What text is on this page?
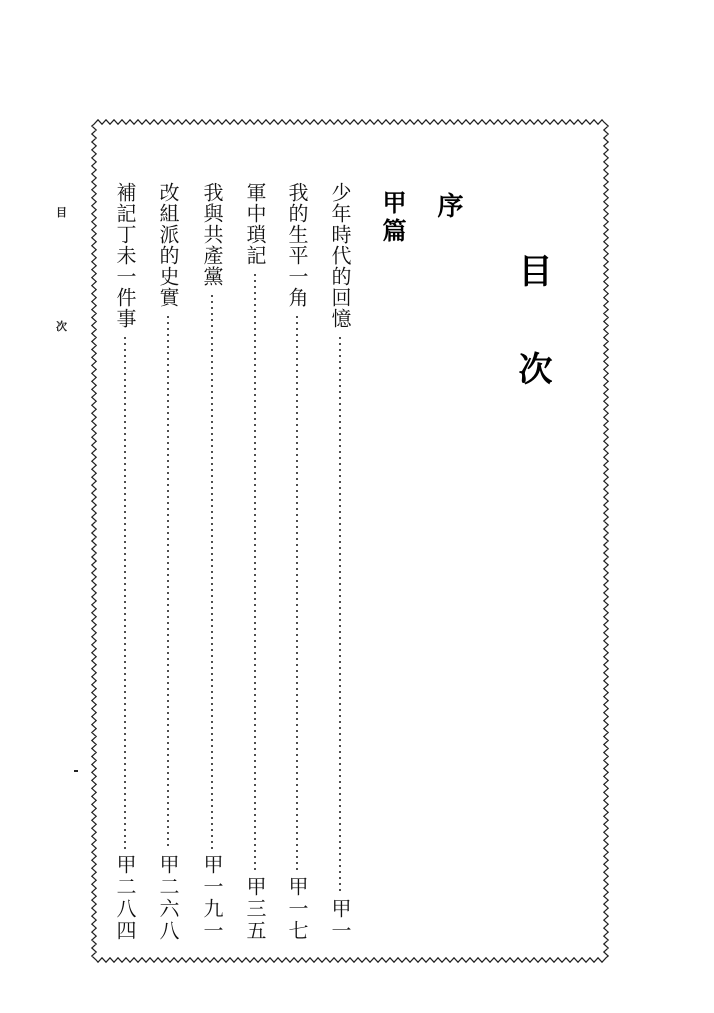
目
次	目次
序
甲篇
少年時代的回憶
甲一
我的生平一角
甲一七
軍中瑣記
甲三五
我與共產黨
甲一九一
改組派的史實
甲二六八
補記丁未一件事
甲二八四
